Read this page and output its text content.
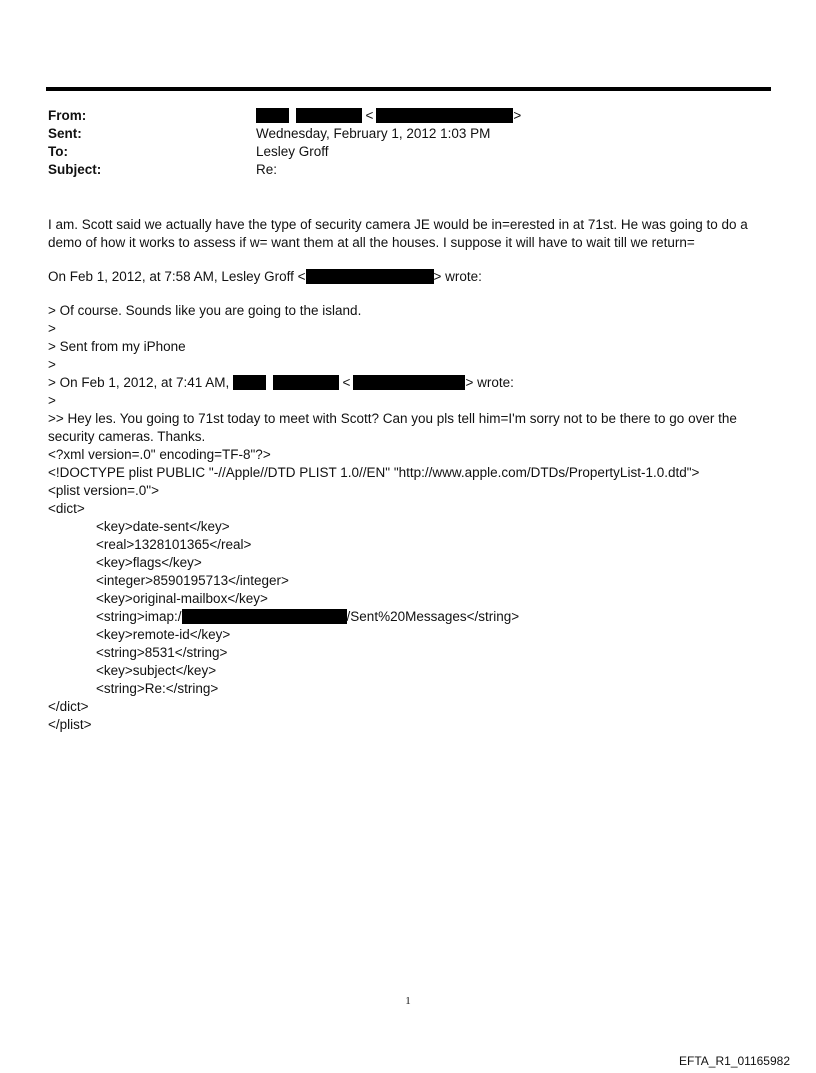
From:	<	>
Sent:	Wednesday, February 1, 2012 1:03 PM
To:	Lesley Groff
Subject:	Re:

I am. Scott said we actually have the type of security camera JE would be in=erested in at 71st. He was going to do a demo of how it works to assess if w= want them at all the houses. I suppose it will have to wait till we return=

On Feb 1, 2012, at 7:58 AM, Lesley Groff <	> wrote:
> Of course. Sounds like you are going to the island.
>
> Sent from my iPhone
>
> On Feb 1, 2012, at 7:41 AM,	<	> wrote:
>
>> Hey les. You going to 71st today to meet with Scott? Can you pls tell him=I'm sorry not to be there to go over the security cameras. Thanks.
<?xml version=.0" encoding=TF-8"?>
<!DOCTYPE plist PUBLIC "-//Apple//DTD PLIST 1.0//EN" "http://www.apple.com/DTDs/PropertyList-1.0.dtd">
<plist version=.0">
<dict>
<key>date-sent</key>
<real>1328101365</real>
<key>flags</key>
<integer>8590195713</integer>
<key>original-mailbox</key>
<string>imap:/	/Sent%20Messages</string>
<key>remote-id</key>
<string>8531</string>
<key>subject</key>
<string>Re:</string>
</dict>
</plist>
1
EFTA_R1_01165982
